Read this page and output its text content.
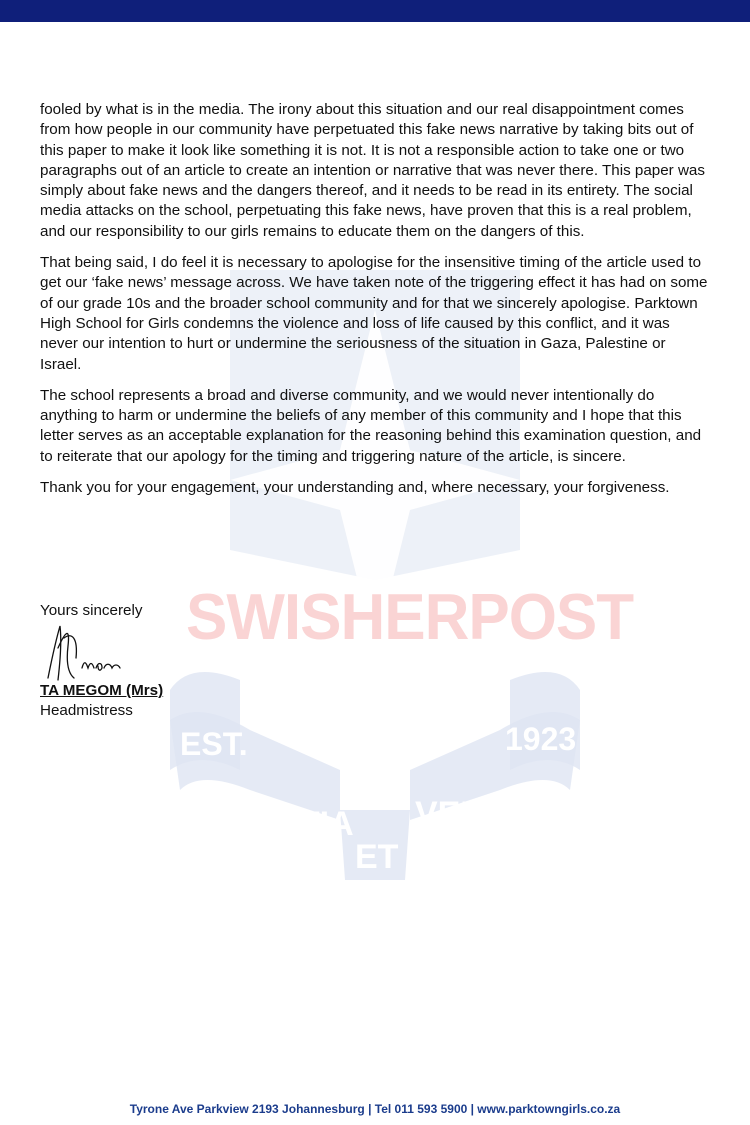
EST.	1923
SCIENTIA VERITAS
ET

fooled by what is in the media. The irony about this situation and our real disappointment comes from how people in our community have perpetuated this fake news narrative by taking bits out of this paper to make it look like something it is not. It is not a responsible action to take one or two paragraphs out of an article to create an intention or narrative that was never there. This paper was simply about fake news and the dangers thereof, and it needs to be read in its entirety. The social media attacks on the school, perpetuating this fake news, have proven that this is a real problem, and our responsibility to our girls remains to educate them on the dangers of this.

That being said, I do feel it is necessary to apologise for the insensitive timing of the article used to get our ‘fake news’ message across. We have taken note of the triggering effect it has had on some of our grade 10s and the broader school community and for that we sincerely apologise. Parktown High School for Girls condemns the violence and loss of life caused by this conflict, and it was never our intention to hurt or undermine the seriousness of the situation in Gaza, Palestine or Israel.

The school represents a broad and diverse community, and we would never intentionally do anything to harm or undermine the beliefs of any member of this community and I hope that this letter serves as an acceptable explanation for the reasoning behind this examination question, and to reiterate that our apology for the timing and triggering nature of the article, is sincere.

Thank you for your engagement, your understanding and, where necessary, your forgiveness.

SWISHERPOST
Yours sincerely
TA MEGOM (Mrs)
Headmistress
Tyrone Ave Parkview 2193 Johannesburg | Tel 011 593 5900 | www.parktowngirls.co.za
